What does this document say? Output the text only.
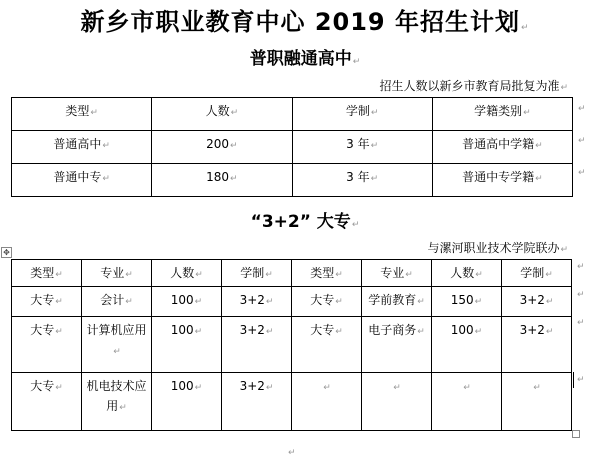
新乡市职业教育中心 2019 年招生计划↵
普职融通高中↵
招生人数以新乡市教育局批复为准↵
类型↵	人数↵	学制↵	学籍类别↵
普通高中↵	200↵	3 年↵	普通高中学籍↵
普通中专↵	180↵	3 年↵	普通中专学籍↵
↵
↵
↵
“3+2” 大专↵
与漯河职业技术学院联办↵
✥
类型↵	专业↵	人数↵	学制↵	类型↵	专业↵	人数↵	学制↵
大专↵	会计↵	100↵	3+2↵	大专↵	学前教育↵	150↵	3+2↵
大专↵	计算机应用↵	100↵	3+2↵	大专↵	电子商务↵	100↵	3+2↵
大专↵	机电技术应用↵	100↵	3+2↵	↵	↵	↵	↵
↵
↵
↵
↵
↵
